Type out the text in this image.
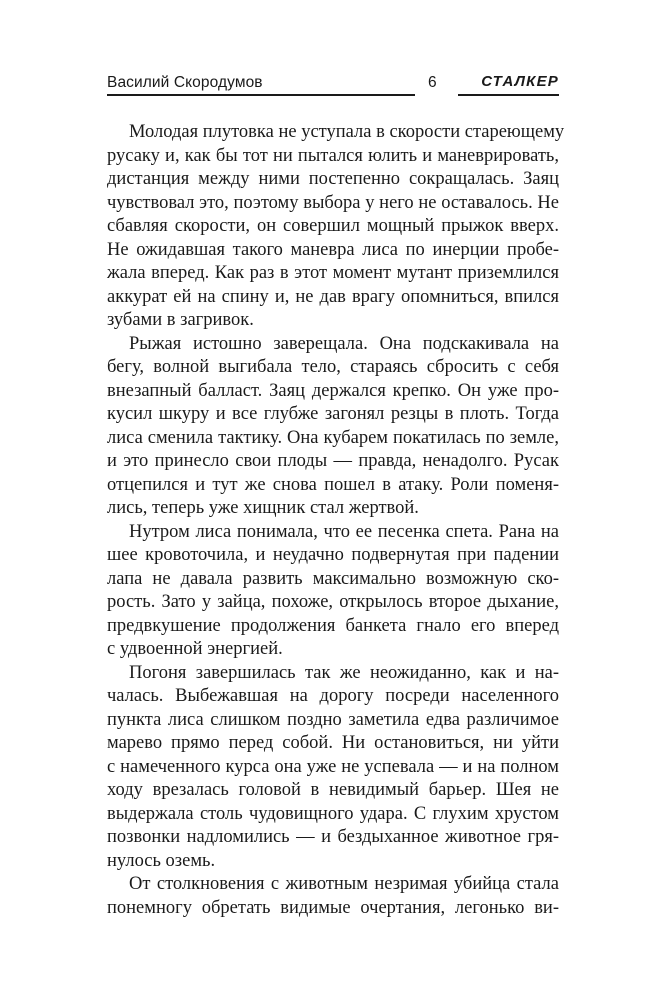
Василий Скородумов	6	СТАЛКЕР

Молодая плутовка не уступала в скорости стареющему
русаку и, как бы тот ни пытался юлить и маневрировать,
дистанция между ними постепенно сокращалась. Заяц
чувствовал это, поэтому выбора у него не оставалось. Не
сбавляя скорости, он совершил мощный прыжок вверх.
Не ожидавшая такого маневра лиса по инерции пробе-
жала вперед. Как раз в этот момент мутант приземлился
аккурат ей на спину и, не дав врагу опомниться, впился
зубами в загривок.

Рыжая истошно заверещала. Она подскакивала на
бегу, волной выгибала тело, стараясь сбросить с себя
внезапный балласт. Заяц держался крепко. Он уже про-
кусил шкуру и все глубже загонял резцы в плоть. Тогда
лиса сменила тактику. Она кубарем покатилась по земле,
и это принесло свои плоды — правда, ненадолго. Русак
отцепился и тут же снова пошел в атаку. Роли поменя-
лись, теперь уже хищник стал жертвой.

Нутром лиса понимала, что ее песенка спета. Рана на
шее кровоточила, и неудачно подвернутая при падении
лапа не давала развить максимально возможную ско-
рость. Зато у зайца, похоже, открылось второе дыхание,
предвкушение продолжения банкета гнало его вперед
с удвоенной энергией.

Погоня завершилась так же неожиданно, как и на-
чалась. Выбежавшая на дорогу посреди населенного
пункта лиса слишком поздно заметила едва различимое
марево прямо перед собой. Ни остановиться, ни уйти
с намеченного курса она уже не успевала — и на полном
ходу врезалась головой в невидимый барьер. Шея не
выдержала столь чудовищного удара. С глухим хрустом
позвонки надломились — и бездыханное животное гря-
нулось оземь.

От столкновения с животным незримая убийца стала
понемногу обретать видимые очертания, легонько ви-
